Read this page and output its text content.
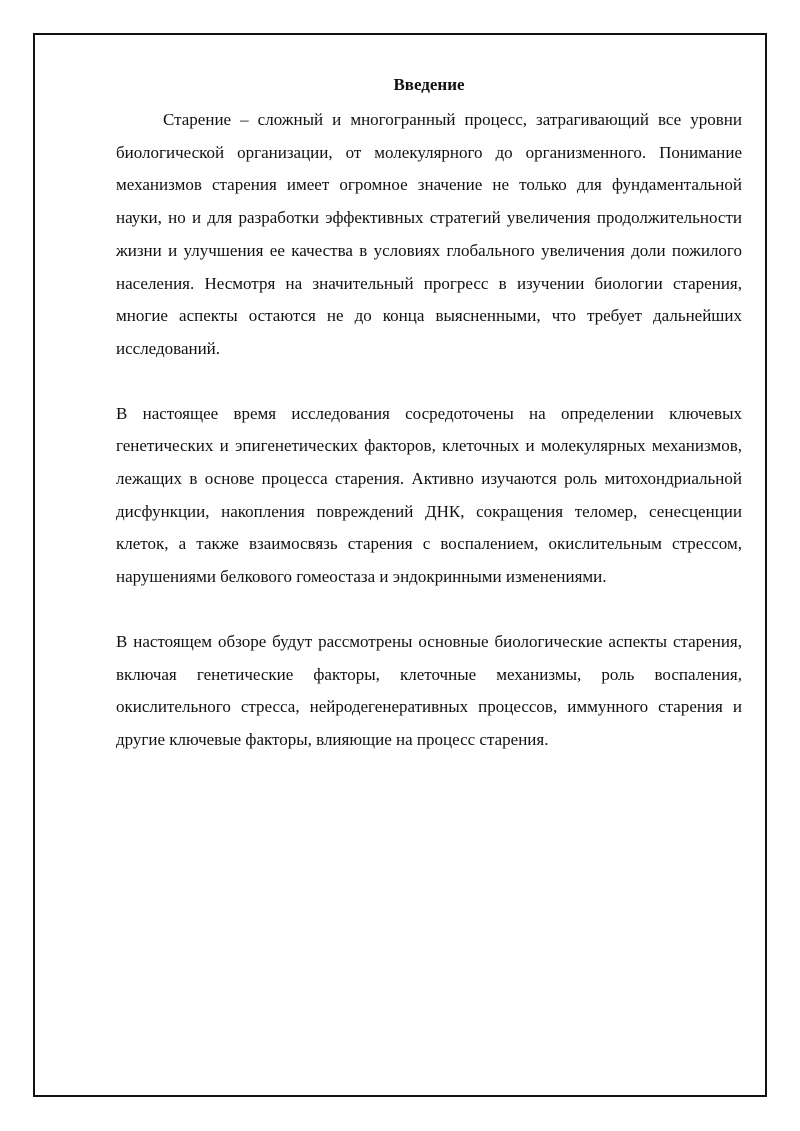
Введение

Старение – сложный и многогранный процесс, затрагивающий все уровни биологической организации, от молекулярного до организменного. Понимание механизмов старения имеет огромное значение не только для фундаментальной науки, но и для разработки эффективных стратегий увеличения продолжительности жизни и улучшения ее качества в условиях глобального увеличения доли пожилого населения. Несмотря на значительный прогресс в изучении биологии старения, многие аспекты остаются не до конца выясненными, что требует дальнейших исследований.

В настоящее время исследования сосредоточены на определении ключевых генетических и эпигенетических факторов, клеточных и молекулярных механизмов, лежащих в основе процесса старения. Активно изучаются роль митохондриальной дисфункции, накопления повреждений ДНК, сокращения теломер, сенесценции клеток, а также взаимосвязь старения с воспалением, окислительным стрессом, нарушениями белкового гомеостаза и эндокринными изменениями.

В настоящем обзоре будут рассмотрены основные биологические аспекты старения, включая генетические факторы, клеточные механизмы, роль воспаления, окислительного стресса, нейродегенеративных процессов, иммунного старения и другие ключевые факторы, влияющие на процесс старения.
